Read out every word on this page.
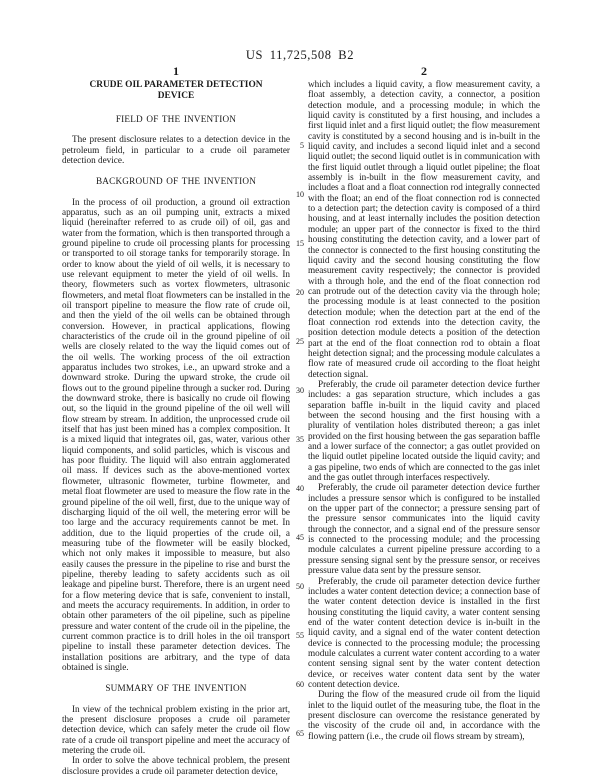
US 11,725,508 B2
1	2
5
10
15
20
25
30
35
40
45
50
55
60
65
CRUDE OIL PARAMETER DETECTION DEVICE
FIELD OF THE INVENTION

The present disclosure relates to a detection device in the petroleum field, in particular to a crude oil parameter detection device.

BACKGROUND OF THE INVENTION

In the process of oil production, a ground oil extraction apparatus, such as an oil pumping unit, extracts a mixed liquid (hereinafter referred to as crude oil) of oil, gas and water from the formation, which is then transported through a ground pipeline to crude oil processing plants for processing or transported to oil storage tanks for temporarily storage. In order to know about the yield of oil wells, it is necessary to use relevant equipment to meter the yield of oil wells. In theory, flowmeters such as vortex flowmeters, ultrasonic flowmeters, and metal float flowmeters can be installed in the oil transport pipeline to measure the flow rate of crude oil, and then the yield of the oil wells can be obtained through conversion. However, in practical applications, flowing characteristics of the crude oil in the ground pipeline of oil wells are closely related to the way the liquid comes out of the oil wells. The working process of the oil extraction apparatus includes two strokes, i.e., an upward stroke and a downward stroke. During the upward stroke, the crude oil flows out to the ground pipeline through a sucker rod. During the downward stroke, there is basically no crude oil flowing out, so the liquid in the ground pipeline of the oil well will flow stream by stream. In addition, the unprocessed crude oil itself that has just been mined has a complex composition. It is a mixed liquid that integrates oil, gas, water, various other liquid components, and solid particles, which is viscous and has poor fluidity. The liquid will also entrain agglomerated oil mass. If devices such as the above-mentioned vortex flowmeter, ultrasonic flowmeter, turbine flowmeter, and metal float flowmeter are used to measure the flow rate in the ground pipeline of the oil well, first, due to the unique way of discharging liquid of the oil well, the metering error will be too large and the accuracy requirements cannot be met. In addition, due to the liquid properties of the crude oil, a measuring tube of the flowmeter will be easily blocked, which not only makes it impossible to measure, but also easily causes the pressure in the pipeline to rise and burst the pipeline, thereby leading to safety accidents such as oil leakage and pipeline burst. Therefore, there is an urgent need for a flow metering device that is safe, convenient to install, and meets the accuracy requirements. In addition, in order to obtain other parameters of the oil pipeline, such as pipeline pressure and water content of the crude oil in the pipeline, the current common practice is to drill holes in the oil transport pipeline to install these parameter detection devices. The installation positions are arbitrary, and the type of data obtained is single.

SUMMARY OF THE INVENTION

In view of the technical problem existing in the prior art, the present disclosure proposes a crude oil parameter detection device, which can safely meter the crude oil flow rate of a crude oil transport pipeline and meet the accuracy of metering the crude oil.

In order to solve the above technical problem, the present disclosure provides a crude oil parameter detection device,

which includes a liquid cavity, a flow measurement cavity, a float assembly, a detection cavity, a connector, a position detection module, and a processing module; in which the liquid cavity is constituted by a first housing, and includes a first liquid inlet and a first liquid outlet; the flow measurement cavity is constituted by a second housing and is in-built in the liquid cavity, and includes a second liquid inlet and a second liquid outlet; the second liquid outlet is in communication with the first liquid outlet through a liquid outlet pipeline; the float assembly is in-built in the flow measurement cavity, and includes a float and a float connection rod integrally connected with the float; an end of the float connection rod is connected to a detection part; the detection cavity is composed of a third housing, and at least internally includes the position detection module; an upper part of the connector is fixed to the third housing constituting the detection cavity, and a lower part of the connector is connected to the first housing constituting the liquid cavity and the second housing constituting the flow measurement cavity respectively; the connector is provided with a through hole, and the end of the float connection rod can protrude out of the detection cavity via the through hole; the processing module is at least connected to the position detection module; when the detection part at the end of the float connection rod extends into the detection cavity, the position detection module detects a position of the detection part at the end of the float connection rod to obtain a float height detection signal; and the processing module calculates a flow rate of measured crude oil according to the float height detection signal.

Preferably, the crude oil parameter detection device further includes: a gas separation structure, which includes a gas separation baffle in-built in the liquid cavity and placed between the second housing and the first housing with a plurality of ventilation holes distributed thereon; a gas inlet provided on the first housing between the gas separation baffle and a lower surface of the connector; a gas outlet provided on the liquid outlet pipeline located outside the liquid cavity; and a gas pipeline, two ends of which are connected to the gas inlet and the gas outlet through interfaces respectively.

Preferably, the crude oil parameter detection device further includes a pressure sensor which is configured to be installed on the upper part of the connector; a pressure sensing part of the pressure sensor communicates into the liquid cavity through the connector, and a signal end of the pressure sensor is connected to the processing module; and the processing module calculates a current pipeline pressure according to a pressure sensing signal sent by the pressure sensor, or receives pressure value data sent by the pressure sensor.

Preferably, the crude oil parameter detection device further includes a water content detection device; a connection base of the water content detection device is installed in the first housing constituting the liquid cavity, a water content sensing end of the water content detection device is in-built in the liquid cavity, and a signal end of the water content detection device is connected to the processing module; the processing module calculates a current water content according to a water content sensing signal sent by the water content detection device, or receives water content data sent by the water content detection device.

During the flow of the measured crude oil from the liquid inlet to the liquid outlet of the measuring tube, the float in the present disclosure can overcome the resistance generated by the viscosity of the crude oil and, in accordance with the flowing pattern (i.e., the crude oil flows stream by stream),
